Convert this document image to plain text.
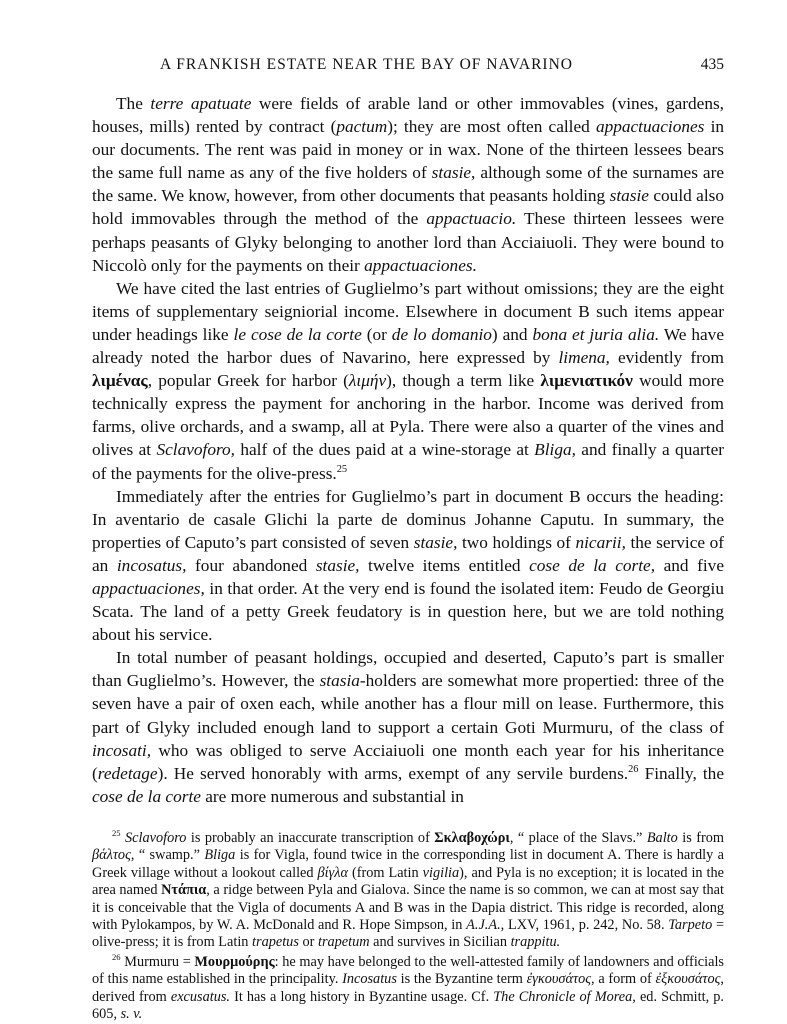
A FRANKISH ESTATE NEAR THE BAY OF NAVARINO	435

The terre apatuate were fields of arable land or other immovables (vines, gardens, houses, mills) rented by contract (pactum); they are most often called appactuaciones in our documents. The rent was paid in money or in wax. None of the thirteen lessees bears the same full name as any of the five holders of stasie, although some of the surnames are the same. We know, however, from other documents that peasants holding stasie could also hold immovables through the method of the appactuacio. These thirteen lessees were perhaps peasants of Glyky belonging to another lord than Acciaiuoli. They were bound to Niccolò only for the payments on their appactuaciones.

We have cited the last entries of Guglielmo’s part without omissions; they are the eight items of supplementary seigniorial income. Elsewhere in document B such items appear under headings like le cose de la corte (or de lo domanio) and bona et juria alia. We have already noted the harbor dues of Navarino, here expressed by limena, evidently from λιμένας, popular Greek for harbor (λιμήν), though a term like λιμενιατικόν would more technically express the payment for anchoring in the harbor. Income was derived from farms, olive orchards, and a swamp, all at Pyla. There were also a quarter of the vines and olives at Sclavoforo, half of the dues paid at a wine-storage at Bliga, and finally a quarter of the payments for the olive-press.$^{25}$

Immediately after the entries for Guglielmo’s part in document B occurs the heading: In aventario de casale Glichi la parte de dominus Johanne Caputu. In summary, the properties of Caputo’s part consisted of seven stasie, two holdings of nicarii, the service of an incosatus, four abandoned stasie, twelve items entitled cose de la corte, and five appactuaciones, in that order. At the very end is found the isolated item: Feudo de Georgiu Scata. The land of a petty Greek feudatory is in question here, but we are told nothing about his service.

In total number of peasant holdings, occupied and deserted, Caputo’s part is smaller than Guglielmo’s. However, the stasia-holders are somewhat more propertied: three of the seven have a pair of oxen each, while another has a flour mill on lease. Furthermore, this part of Glyky included enough land to support a certain Goti Murmuru, of the class of incosati, who was obliged to serve Acciaiuoli one month each year for his inheritance (redetage). He served honorably with arms, exempt of any servile burdens.$^{26}$ Finally, the cose de la corte are more numerous and substantial in

$^{25}$ Sclavoforo is probably an inaccurate transcription of Σκλαβοχώρι, “ place of the Slavs.” Balto is from βάλτος, “ swamp.” Bliga is for Vigla, found twice in the corresponding list in document A. There is hardly a Greek village without a lookout called βίγλα (from Latin vigilia), and Pyla is no exception; it is located in the area named Ντάπια, a ridge between Pyla and Gialova. Since the name is so common, we can at most say that it is conceivable that the Vigla of documents A and B was in the Dapia district. This ridge is recorded, along with Pylokampos, by W. A. McDonald and R. Hope Simpson, in A.J.A., LXV, 1961, p. 242, No. 58. Tarpeto = olive-press; it is from Latin trapetus or trapetum and survives in Sicilian trappitu.

$^{26}$ Murmuru = Μουρμούρης: he may have belonged to the well-attested family of landowners and officials of this name established in the principality. Incosatus is the Byzantine term ἐγκουσάτος, a form of ἐξκουσάτος, derived from excusatus. It has a long history in Byzantine usage. Cf. The Chronicle of Morea, ed. Schmitt, p. 605, s. v.
